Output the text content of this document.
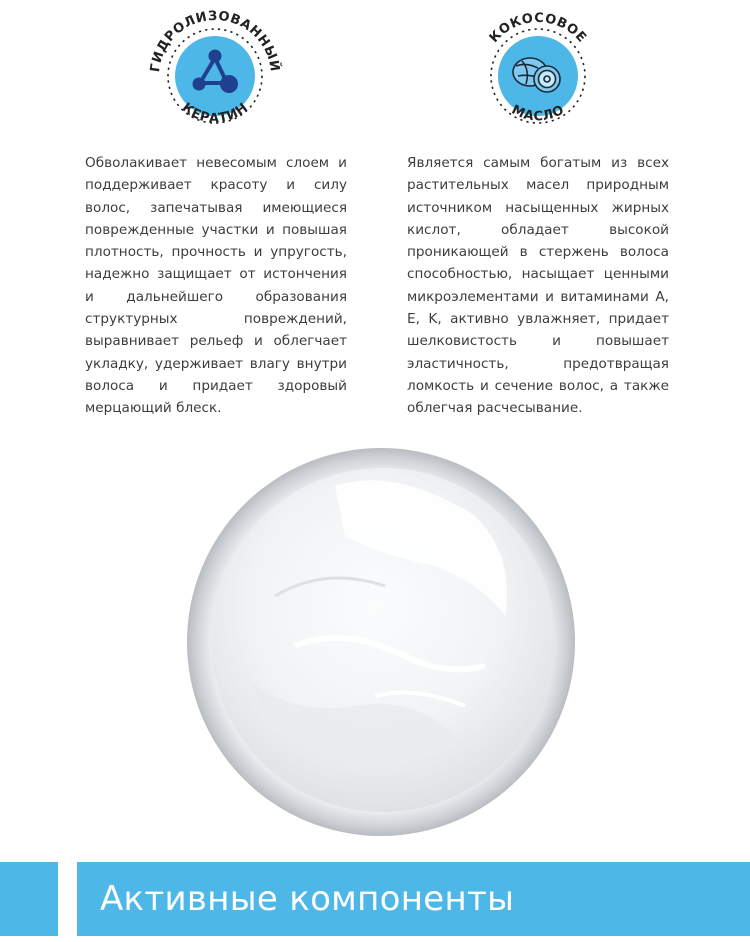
ГИДРОЛИЗОВАННЫЙ
КЕРАТИН
КОКОСОВОЕ
МАСЛО
Обволакивает невесомым слоем и поддерживает красоту и силу волос, запечатывая имеющиеся поврежденные участки и повышая плотность, прочность и упругость, надежно защищает от истончения и дальнейшего образования структурных повреждений, выравнивает рельеф и облегчает укладку, удерживает влагу внутри волоса и придает здоровый мерцающий блеск.
Является самым богатым из всех растительных масел природным источником насыщенных жирных кислот, обладает высокой проникающей в стержень волоса способностью, насыщает ценными микроэлементами и витаминами A, E, K, активно увлажняет, придает шелковистость и повышает эластичность, предотвращая ломкость и сечение волос, а также облегчая расчесывание.
Активные компоненты
